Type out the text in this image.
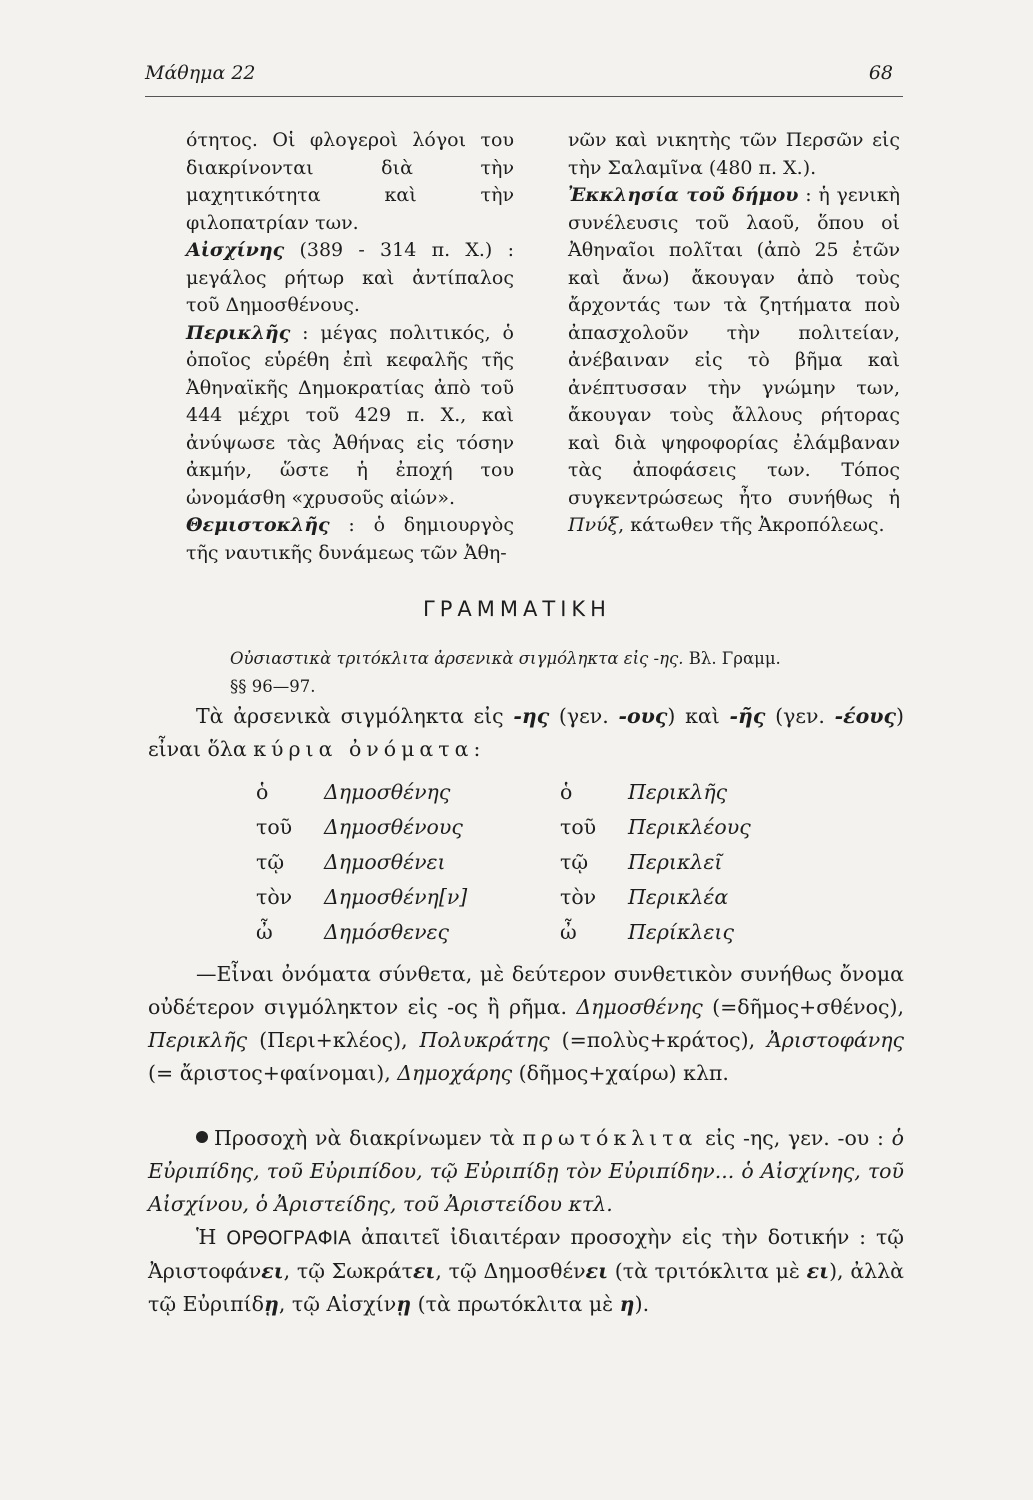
Μάθημα 22	68

ότητος. Οἱ φλογεροὶ λόγοι του διακρίνονται διὰ τὴν μαχητικότητα καὶ τὴν φιλοπατρίαν των.

Αἰσχίνης (389 - 314 π. Χ.) : μεγάλος ρήτωρ καὶ ἀντίπαλος τοῦ Δημοσθένους.

Περικλῆς : μέγας πολιτικός, ὁ ὁποῖος εὑρέθη ἐπὶ κεφαλῆς τῆς Ἀθηναϊκῆς Δημοκρατίας ἀπὸ τοῦ 444 μέχρι τοῦ 429 π. Χ., καὶ ἀνύψωσε τὰς Ἀθήνας εἰς τόσην ἀκμήν, ὥστε ἡ ἐποχή του ὠνομάσθη «χρυσοῦς αἰών».

Θεμιστοκλῆς : ὁ δημιουργὸς τῆς ναυτικῆς δυνάμεως τῶν Ἀθη-

νῶν καὶ νικητὴς τῶν Περσῶν εἰς τὴν Σαλαμῖνα (480 π. Χ.).

Ἐκκλησία τοῦ δήμου : ἡ γενικὴ συνέλευσις τοῦ λαοῦ, ὅπου οἱ Ἀθηναῖοι πολῖται (ἀπὸ 25 ἐτῶν καὶ ἄνω) ἄκουγαν ἀπὸ τοὺς ἄρχοντάς των τὰ ζητήματα ποὺ ἀπασχολοῦν τὴν πολιτείαν, ἀνέβαιναν εἰς τὸ βῆμα καὶ ἀνέπτυσσαν τὴν γνώμην των, ἄκουγαν τοὺς ἄλλους ρήτορας καὶ διὰ ψηφοφορίας ἐλάμβαναν τὰς ἀποφάσεις των. Τόπος συγκεντρώσεως ἦτο συνήθως ἡ Πνύξ, κάτωθεν τῆς Ἀκροπόλεως.

ΓΡΑΜΜΑΤΙΚΗ
Οὐσιαστικὰ τριτόκλιτα ἀρσενικὰ σιγμόληκτα εἰς -ης. Βλ. Γραμμ.
§§ 96—97.

Τὰ ἀρσενικὰ σιγμόληκτα εἰς -ης (γεν. -ους) καὶ -ῆς (γεν. -έους) εἶναι ὅλα κύρια ὀνόματα:

ὁ	Δημοσθένης	ὁ	Περικλῆς
τοῦ	Δημοσθένους	τοῦ	Περικλέους
τῷ	Δημοσθένει	τῷ	Περικλεῖ
τὸν	Δημοσθένη[ν]	τὸν	Περικλέα
ὦ	Δημόσθενες	ὦ	Περίκλεις

—Εἶναι ὀνόματα σύνθετα, μὲ δεύτερον συνθετικὸν συνήθως ὄνομα οὐδέτερον σιγμόληκτον εἰς -ος ἢ ρῆμα. Δημοσθένης (=δῆμος+σθένος), Περικλῆς (Περι+κλέος), Πολυκράτης (=πολὺς+κράτος), Ἀριστοφάνης (= ἄριστος+φαίνομαι), Δημοχάρης (δῆμος+χαίρω) κλπ.

Προσοχὴ νὰ διακρίνωμεν τὰ πρωτόκλιτα εἰς -ης, γεν. -ου : ὁ Εὐριπίδης, τοῦ Εὐριπίδου, τῷ Εὐριπίδῃ τὸν Εὐριπίδην... ὁ Αἰσχίνης, τοῦ Αἰσχίνου, ὁ Ἀριστείδης, τοῦ Ἀριστείδου κτλ.

Ἡ ΟΡΘΟΓΡΑΦΙΑ ἀπαιτεῖ ἰδιαιτέραν προσοχὴν εἰς τὴν δοτικήν : τῷ Ἀριστοφάνει, τῷ Σωκράτει, τῷ Δημοσθένει (τὰ τριτόκλιτα μὲ ει), ἀλλὰ τῷ Εὐριπίδῃ, τῷ Αἰσχίνῃ (τὰ πρωτόκλιτα μὲ η).
